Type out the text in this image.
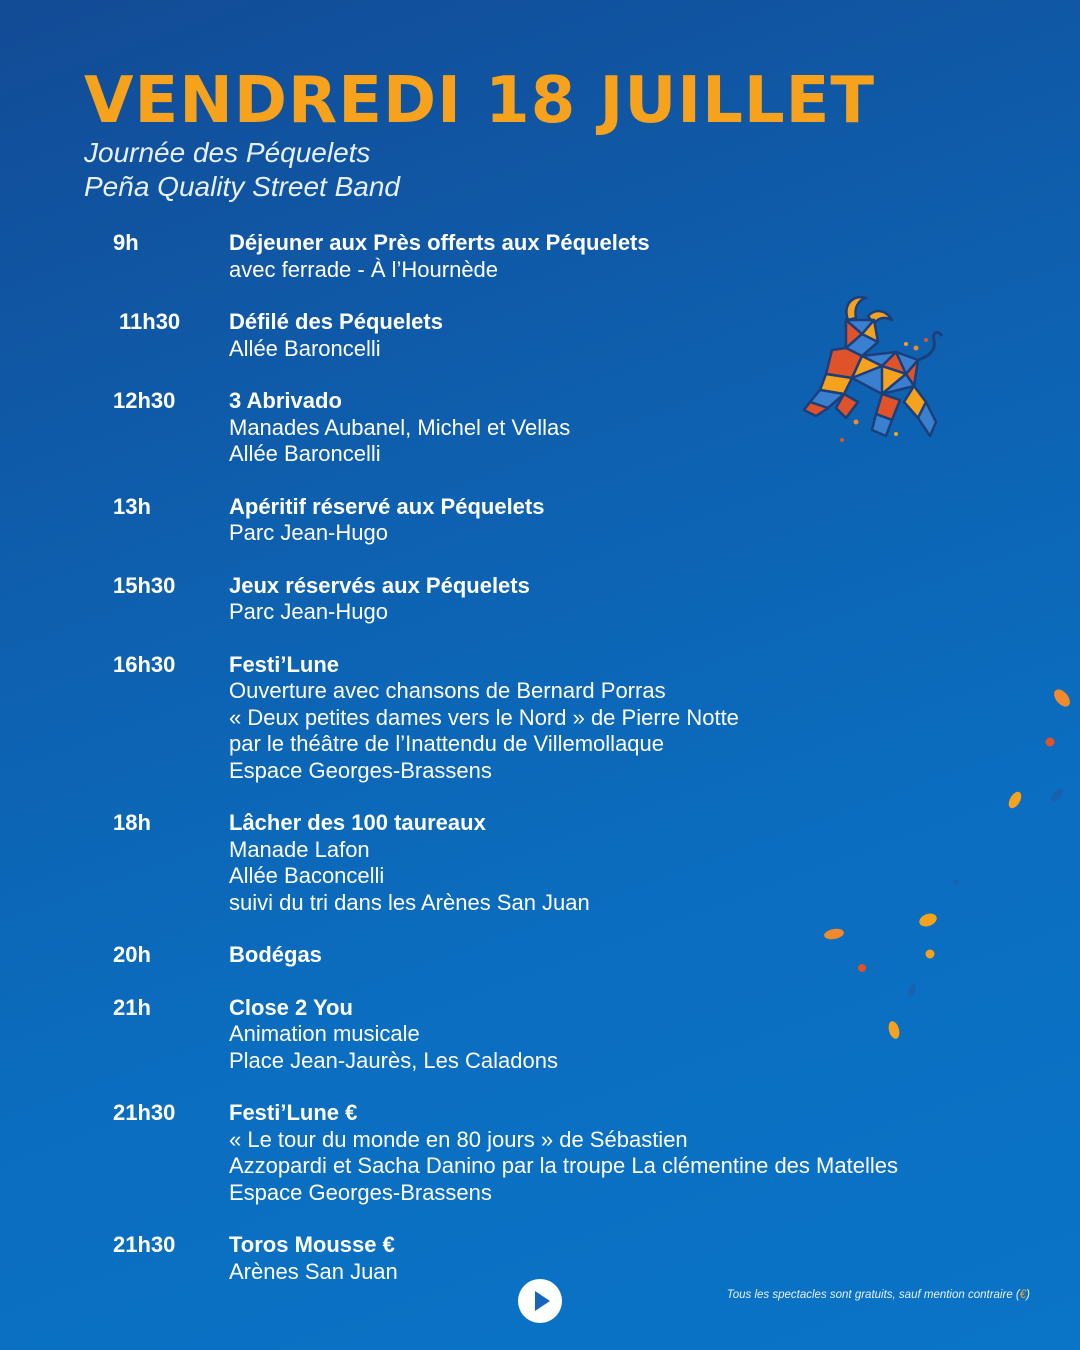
VENDREDI 18 JUILLET
Journée des Péquelets
Peña Quality Street Band
9h	Déjeuner aux Près offerts aux Péquelets
avec ferrade - À l’Hournède
11h30	Défilé des Péquelets
Allée Baroncelli
12h30	3 Abrivado
Manades Aubanel, Michel et Vellas
Allée Baroncelli
13h	Apéritif réservé aux Péquelets
Parc Jean-Hugo
15h30	Jeux réservés aux Péquelets
Parc Jean-Hugo
16h30	Festi’Lune
Ouverture avec chansons de Bernard Porras
« Deux petites dames vers le Nord » de Pierre Notte
par le théâtre de l’Inattendu de Villemollaque
Espace Georges-Brassens
18h	Lâcher des 100 taureaux
Manade Lafon
Allée Baconcelli
suivi du tri dans les Arènes San Juan
20h	Bodégas
21h	Close 2 You
Animation musicale
Place Jean-Jaurès, Les Caladons
21h30	Festi’Lune €
« Le tour du monde en 80 jours » de Sébastien
Azzopardi et Sacha Danino par la troupe La clémentine des Matelles
Espace Georges-Brassens
21h30	Toros Mousse €
Arènes San Juan
Tous les spectacles sont gratuits, sauf mention contraire (€)
